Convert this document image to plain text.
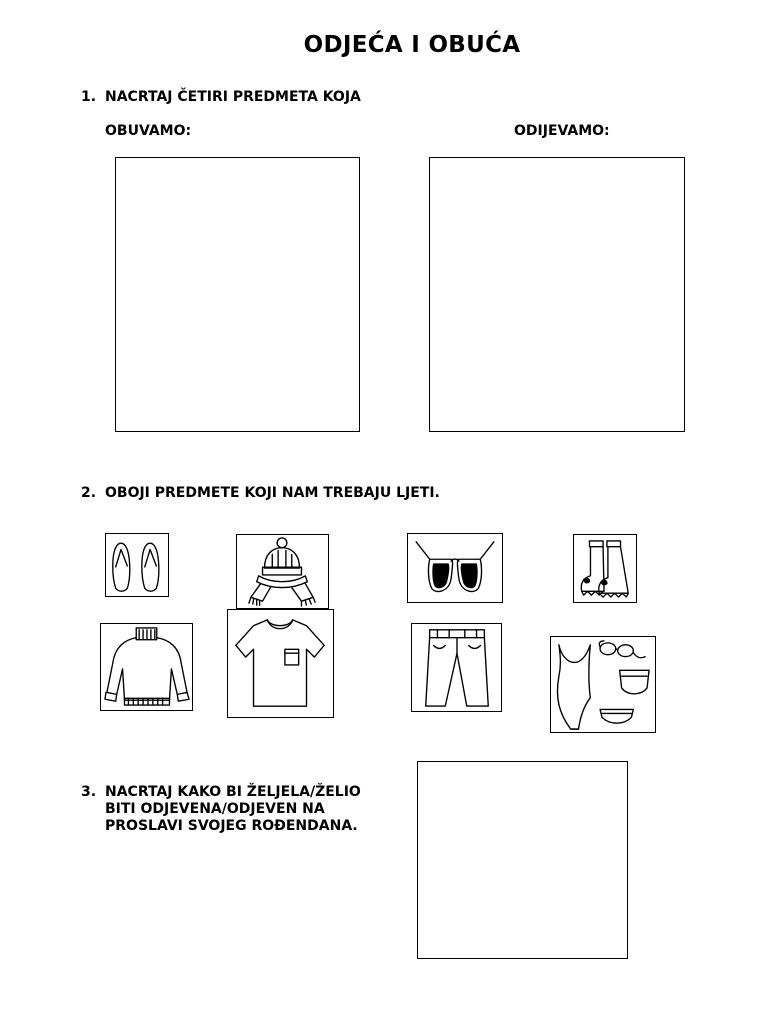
ODJEĆA I OBUĆA
1. NACRTAJ ČETIRI PREDMETA KOJA
OBUVAMO:	ODIJEVAMO:
2. OBOJI PREDMETE KOJI NAM TREBAJU LJETI.
3. NACRTAJ KAKO BI ŽELJELA/ŽELIO
BITI ODJEVENA/ODJEVEN NA
PROSLAVI SVOJEG ROĐENDANA.
